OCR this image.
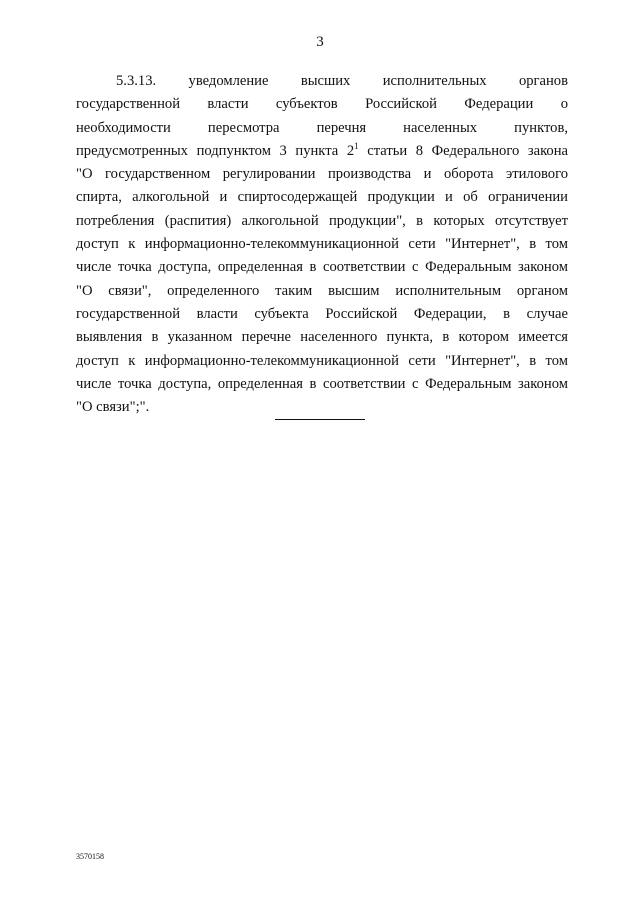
3
5.3.13. уведомление высших исполнительных органов
государственной власти субъектов Российской Федерации о
необходимости пересмотра перечня населенных пунктов,
предусмотренных подпунктом 3 пункта $2^1$ статьи 8 Федерального закона
"О государственном регулировании производства и оборота этилового
спирта, алкогольной и спиртосодержащей продукции и об ограничении
потребления (распития) алкогольной продукции", в которых отсутствует
доступ к информационно-телекоммуникационной сети "Интернет", в том
числе точка доступа, определенная в соответствии с Федеральным законом
"О связи", определенного таким высшим исполнительным органом
государственной власти субъекта Российской Федерации, в случае
выявления в указанном перечне населенного пункта, в котором имеется
доступ к информационно-телекоммуникационной сети "Интернет", в том
числе точка доступа, определенная в соответствии с Федеральным законом
"О связи";".
3570158
